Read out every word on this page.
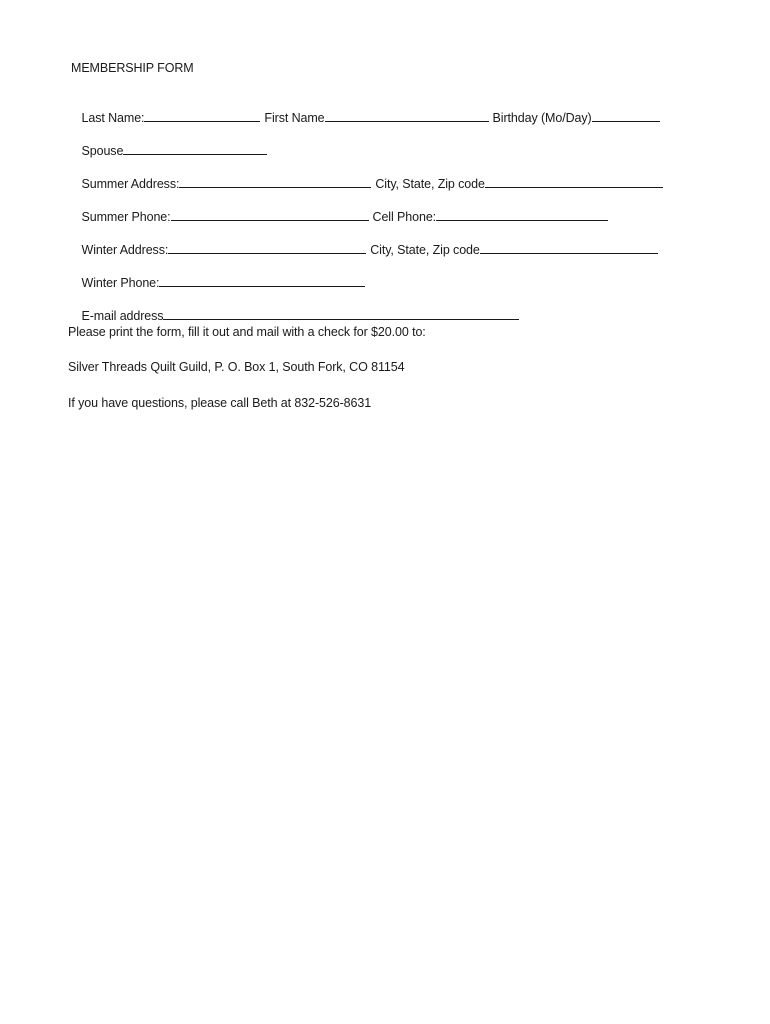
MEMBERSHIP FORM

Last Name:	First Name	Birthday (Mo/Day)

Spouse

Summer Address:	City, State, Zip code

Summer Phone:	Cell Phone:

Winter Address:	City, State, Zip code

Winter Phone:

E-mail address

Please print the form, fill it out and mail with a check for $20.00 to:
Silver Threads Quilt Guild, P. O. Box 1, South Fork, CO 81154
If you have questions, please call Beth at 832-526-8631
